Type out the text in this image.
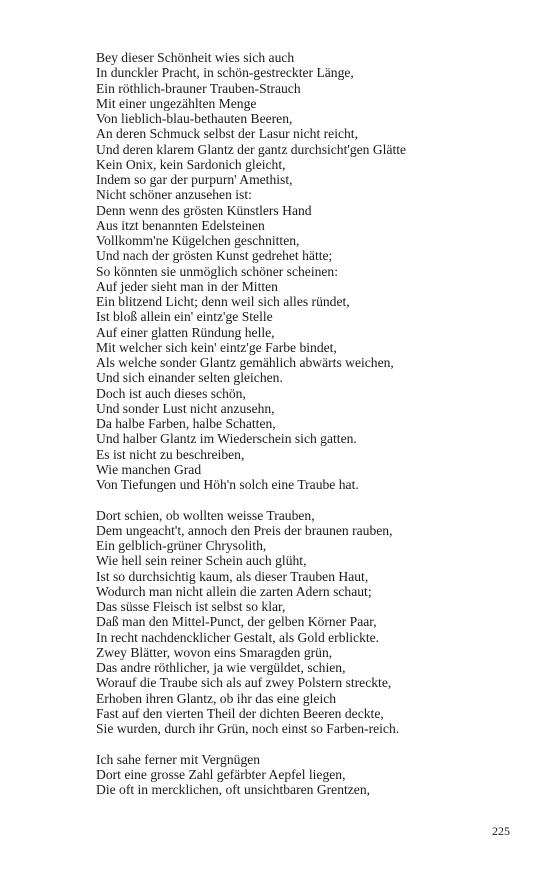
Bey dieser Schönheit wies sich auch
In dunckler Pracht, in schön-gestreckter Länge,
Ein röthlich-brauner Trauben-Strauch
Mit einer ungezählten Menge
Von lieblich-blau-bethauten Beeren,
An deren Schmuck selbst der Lasur nicht reicht,
Und deren klarem Glantz der gantz durchsicht'gen Glätte
Kein Onix, kein Sardonich gleicht,
Indem so gar der purpurn' Amethist,
Nicht schöner anzusehen ist:
Denn wenn des grösten Künstlers Hand
Aus itzt benannten Edelsteinen
Vollkomm'ne Kügelchen geschnitten,
Und nach der grösten Kunst gedrehet hätte;
So könnten sie unmöglich schöner scheinen:
Auf jeder sieht man in der Mitten
Ein blitzend Licht; denn weil sich alles ründet,
Ist bloß allein ein' eintz'ge Stelle
Auf einer glatten Ründung helle,
Mit welcher sich kein' eintz'ge Farbe bindet,
Als welche sonder Glantz gemählich abwärts weichen,
Und sich einander selten gleichen.
Doch ist auch dieses schön,
Und sonder Lust nicht anzusehn,
Da halbe Farben, halbe Schatten,
Und halber Glantz im Wiederschein sich gatten.
Es ist nicht zu beschreiben,
Wie manchen Grad
Von Tiefungen und Höh'n solch eine Traube hat.
Dort schien, ob wollten weisse Trauben,
Dem ungeacht't, annoch den Preis der braunen rauben,
Ein gelblich-grüner Chrysolith,
Wie hell sein reiner Schein auch glüht,
Ist so durchsichtig kaum, als dieser Trauben Haut,
Wodurch man nicht allein die zarten Adern schaut;
Das süsse Fleisch ist selbst so klar,
Daß man den Mittel-Punct, der gelben Körner Paar,
In recht nachdencklicher Gestalt, als Gold erblickte.
Zwey Blätter, wovon eins Smaragden grün,
Das andre röthlicher, ja wie vergüldet, schien,
Worauf die Traube sich als auf zwey Polstern streckte,
Erhoben ihren Glantz, ob ihr das eine gleich
Fast auf den vierten Theil der dichten Beeren deckte,
Sie wurden, durch ihr Grün, noch einst so Farben-reich.
Ich sahe ferner mit Vergnügen
Dort eine grosse Zahl gefärbter Aepfel liegen,
Die oft in mercklichen, oft unsichtbaren Grentzen,
225
